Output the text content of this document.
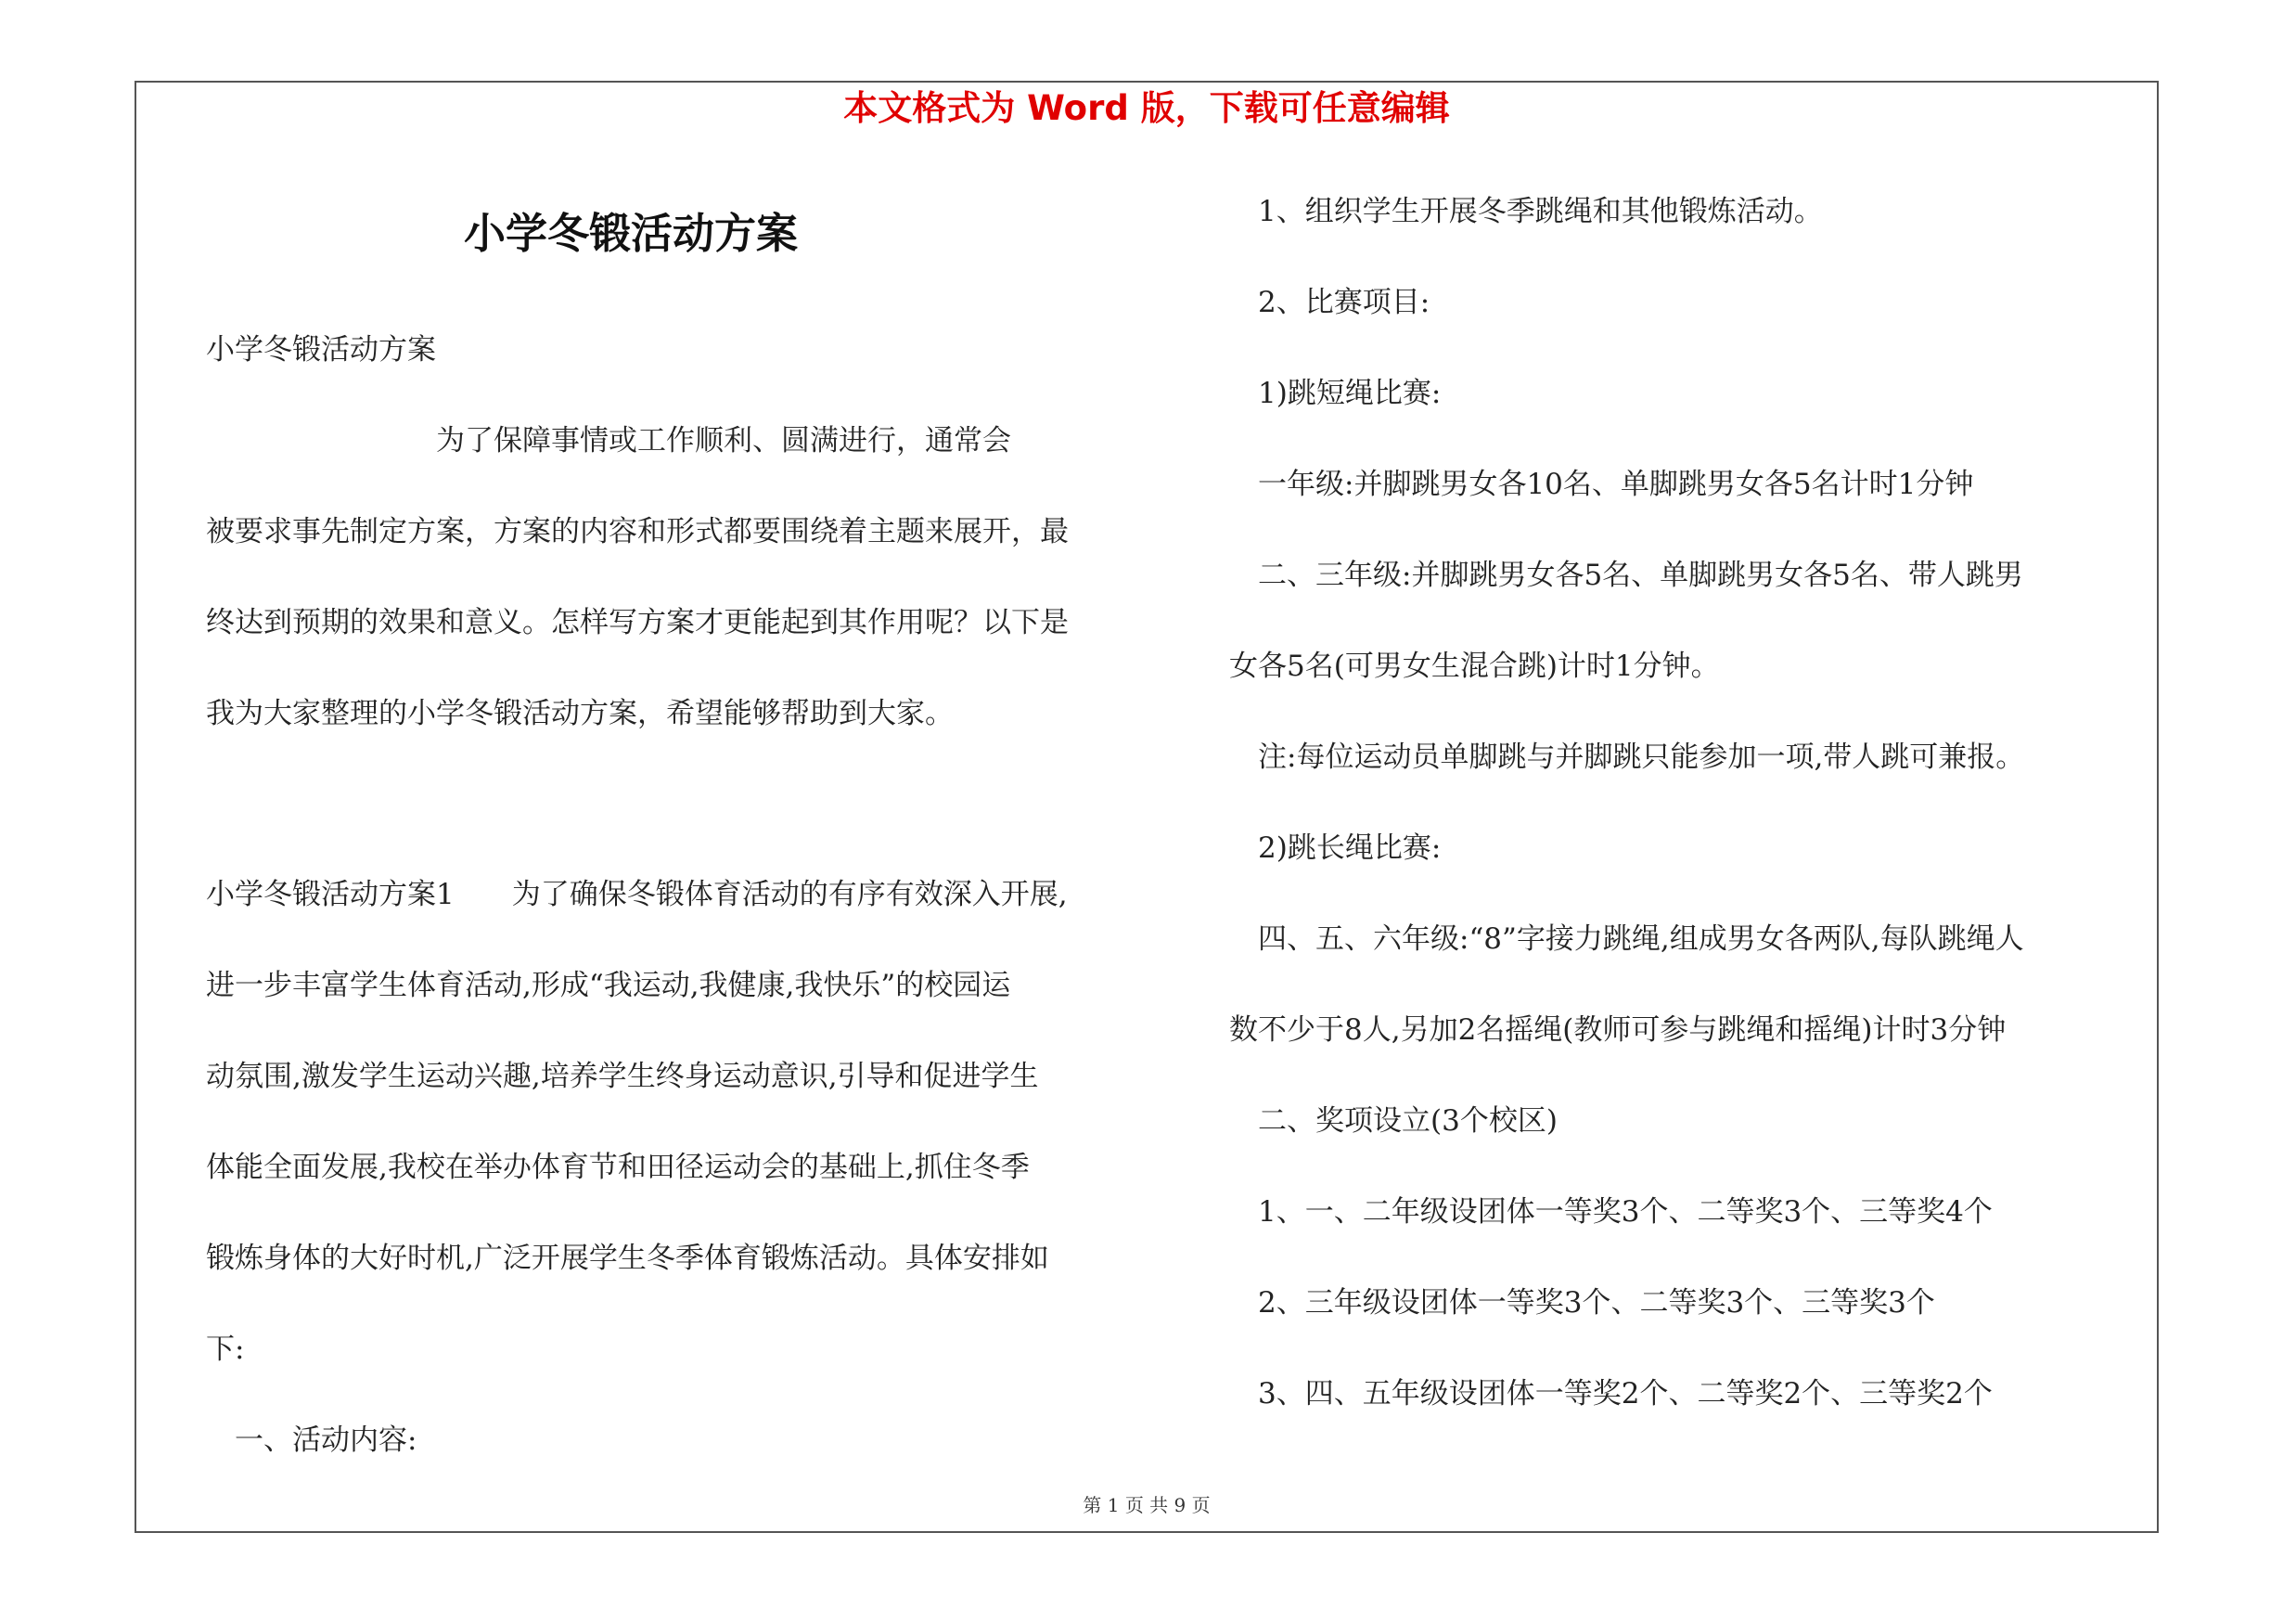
本文格式为 Word 版，下载可任意编辑
小学冬锻活动方案
小学冬锻活动方案
　　　　　　　　为了保障事情或工作顺利、圆满进行，通常会
被要求事先制定方案，方案的内容和形式都要围绕着主题来展开，最
终达到预期的效果和意义。怎样写方案才更能起到其作用呢？以下是
我为大家整理的小学冬锻活动方案，希望能够帮助到大家。
小学冬锻活动方案1　　为了确保冬锻体育活动的有序有效深入开展,
进一步丰富学生体育活动,形成“我运动,我健康,我快乐”的校园运
动氛围,激发学生运动兴趣,培养学生终身运动意识,引导和促进学生
体能全面发展,我校在举办体育节和田径运动会的基础上,抓住冬季
锻炼身体的大好时机,广泛开展学生冬季体育锻炼活动。具体安排如
下:
　一、活动内容:
　1、组织学生开展冬季跳绳和其他锻炼活动。
　2、比赛项目:
　1)跳短绳比赛:
　一年级:并脚跳男女各10名、单脚跳男女各5名计时1分钟
　二、三年级:并脚跳男女各5名、单脚跳男女各5名、带人跳男
女各5名(可男女生混合跳)计时1分钟。
　注:每位运动员单脚跳与并脚跳只能参加一项,带人跳可兼报。
　2)跳长绳比赛:
　四、五、六年级:“8”字接力跳绳,组成男女各两队,每队跳绳人
数不少于8人,另加2名摇绳(教师可参与跳绳和摇绳)计时3分钟
　二、奖项设立(3个校区)
　1、一、二年级设团体一等奖3个、二等奖3个、三等奖4个
　2、三年级设团体一等奖3个、二等奖3个、三等奖3个
　3、四、五年级设团体一等奖2个、二等奖2个、三等奖2个
第 1 页 共 9 页
